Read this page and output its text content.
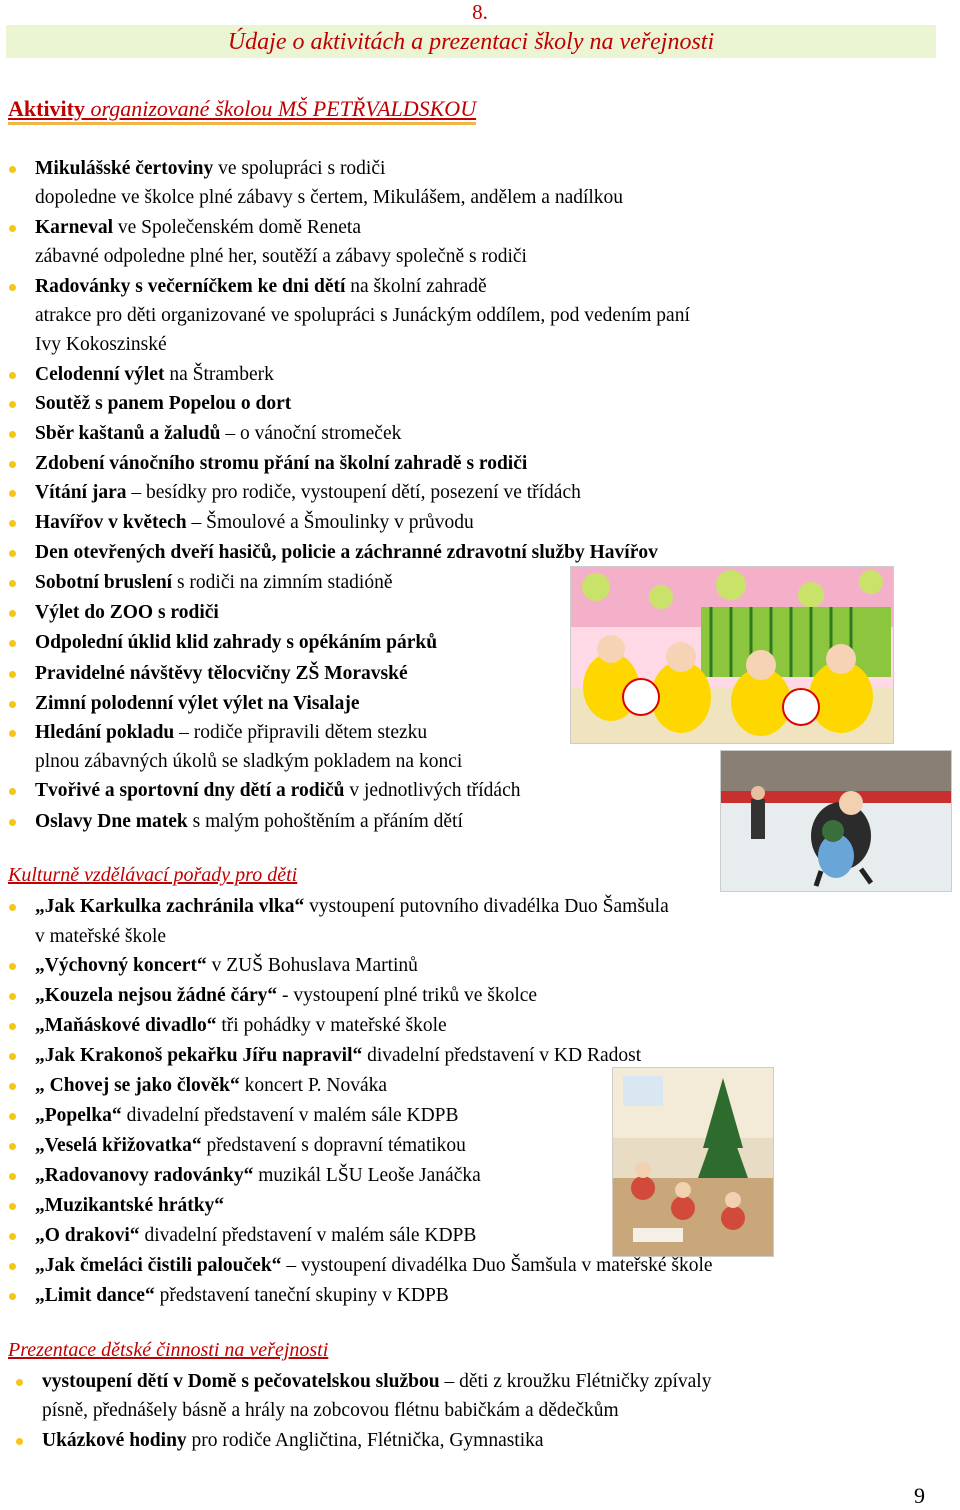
8.
Údaje o aktivitách a prezentaci školy na veřejnosti
Aktivity organizované školou MŠ PETŘVALDSKOU
Mikulášské čertoviny ve spolupráci s rodiči
dopoledne ve školce plné zábavy s čertem, Mikulášem, andělem a nadílkou
Karneval ve Společenském domě Reneta
zábavné odpoledne plné her, soutěží a zábavy společně s rodiči
Radovánky s večerníčkem ke dni dětí na školní zahradě
atrakce pro děti organizované ve spolupráci s Junáckým oddílem, pod vedením paní
Ivy Kokoszinské
Celodenní výlet na Štramberk
Soutěž s panem Popelou o dort
Sběr kaštanů a žaludů – o vánoční stromeček
Zdobení vánočního stromu přání na školní zahradě s rodiči
Vítání jara – besídky pro rodiče, vystoupení dětí, posezení ve třídách
Havířov v květech – Šmoulové a Šmoulinky v průvodu
Den otevřených dveří hasičů, policie a záchranné zdravotní služby Havířov
Sobotní bruslení s rodiči na zimním stadióně
Výlet do ZOO s rodiči
Odpolední úklid klid zahrady s opékáním párků
Pravidelné návštěvy tělocvičny ZŠ Moravské
Zimní polodenní výlet výlet na Visalaje
Hledání pokladu – rodiče připravili dětem stezku
plnou zábavných úkolů se sladkým pokladem na konci
Tvořivé a sportovní dny dětí a rodičů v jednotlivých třídách
Oslavy Dne matek s malým pohoštěním a přáním dětí
Kulturně vzdělávací pořady pro děti
„Jak Karkulka zachránila vlka“ vystoupení putovního divadélka Duo Šamšula
v mateřské škole
„Výchovný koncert“ v ZUŠ Bohuslava Martinů
„Kouzela nejsou žádné čáry“ - vystoupení plné triků ve školce
„Maňáskové divadlo“ tři pohádky v mateřské škole
„Jak Krakonoš pekařku Jířu napravil“ divadelní představení v KD Radost
„ Chovej se jako člověk“ koncert P. Nováka
„Popelka“ divadelní představení v malém sále KDPB
„Veselá křižovatka“ představení s dopravní tématikou
„Radovanovy radovánky“ muzikál LŠU Leoše Janáčka
„Muzikantské hrátky“
„O drakovi“ divadelní představení v malém sále KDPB
„Jak čmeláci čistili palouček“ – vystoupení divadélka Duo Šamšula v mateřské škole
„Limit dance“ představení taneční skupiny v KDPB
Prezentace dětské činnosti na veřejnosti
vystoupení dětí v Domě s pečovatelskou službou – děti z kroužku Flétničky zpívaly
písně, přednášely básně a hrály na zobcovou flétnu babičkám a dědečkům
Ukázkové hodiny pro rodiče Angličtina, Flétnička, Gymnastika
9
